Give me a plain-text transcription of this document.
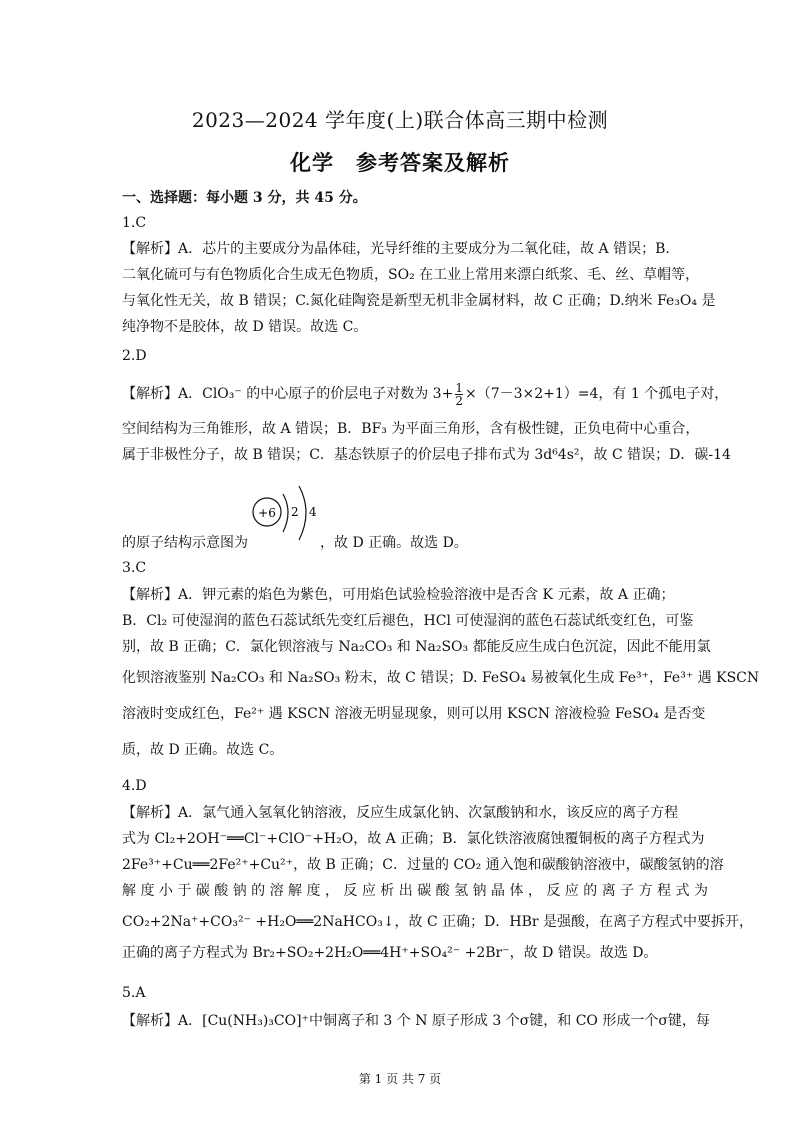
2023—2024 学年度(上)联合体高三期中检测
化学　参考答案及解析
一、选择题：每小题 3 分，共 45 分。
1.C
【解析】A．芯片的主要成分为晶体硅，光导纤维的主要成分为二氧化硅，故 A 错误；B.
二氧化硫可与有色物质化合生成无色物质，SO₂ 在工业上常用来漂白纸浆、毛、丝、草帽等，
与氧化性无关，故 B 错误；C.氮化硅陶瓷是新型无机非金属材料，故 C 正确；D.纳米 Fe₃O₄ 是
纯净物不是胶体，故 D 错误。故选 C。
2.D
【解析】A．ClO₃⁻ 的中心原子的价层电子对数为 $3+ \frac{1}{2} \times(7-3\times 2+1)=4$，有 1 个孤电子对，
空间结构为三角锥形，故 A 错误；B．BF₃ 为平面三角形，含有极性键，正负电荷中心重合，
属于非极性分子，故 B 错误；C．基态铁原子的价层电子排布式为 3d⁶4s²，故 C 错误；D．碳-14
+6 2 4
的原子结构示意图为	，故 D 正确。故选 D。
3.C
【解析】A．钾元素的焰色为紫色，可用焰色试验检验溶液中是否含 K 元素，故 A 正确；
B．Cl₂ 可使湿润的蓝色石蕊试纸先变红后褪色，HCl 可使湿润的蓝色石蕊试纸变红色，可鉴
别，故 B 正确；C．氯化钡溶液与 Na₂CO₃ 和 Na₂SO₃ 都能反应生成白色沉淀，因此不能用氯
化钡溶液鉴别 Na₂CO₃ 和 Na₂SO₃ 粉末，故 C 错误；D. FeSO₄ 易被氧化生成 Fe³⁺，Fe³⁺ 遇 KSCN
溶液时变成红色，Fe²⁺ 遇 KSCN 溶液无明显现象，则可以用 KSCN 溶液检验 FeSO₄ 是否变
质，故 D 正确。故选 C。
4.D
【解析】A．氯气通入氢氧化钠溶液，反应生成氯化钠、次氯酸钠和水，该反应的离子方程
式为 Cl₂+2OH⁻══Cl⁻+ClO⁻+H₂O，故 A 正确；B．氯化铁溶液腐蚀覆铜板的离子方程式为
2Fe³⁺+Cu══2Fe²⁺+Cu²⁺，故 B 正确；C．过量的 CO₂ 通入饱和碳酸钠溶液中，碳酸氢钠的溶
解 度 小 于 碳 酸 钠 的 溶 解 度 ， 反 应 析 出 碳 酸 氢 钠 晶 体 ， 反 应 的 离 子 方 程 式 为
CO₂+2Na⁺+CO₃²⁻ +H₂O══2NaHCO₃↓，故 C 正确；D．HBr 是强酸，在离子方程式中要拆开，
正确的离子方程式为 Br₂+SO₂+2H₂O══4H⁺+SO₄²⁻ +2Br⁻，故 D 错误。故选 D。
5.A
【解析】A．[Cu(NH₃)₃CO]⁺中铜离子和 3 个 N 原子形成 3 个σ键，和 CO 形成一个σ键，每
第 1 页 共 7 页
